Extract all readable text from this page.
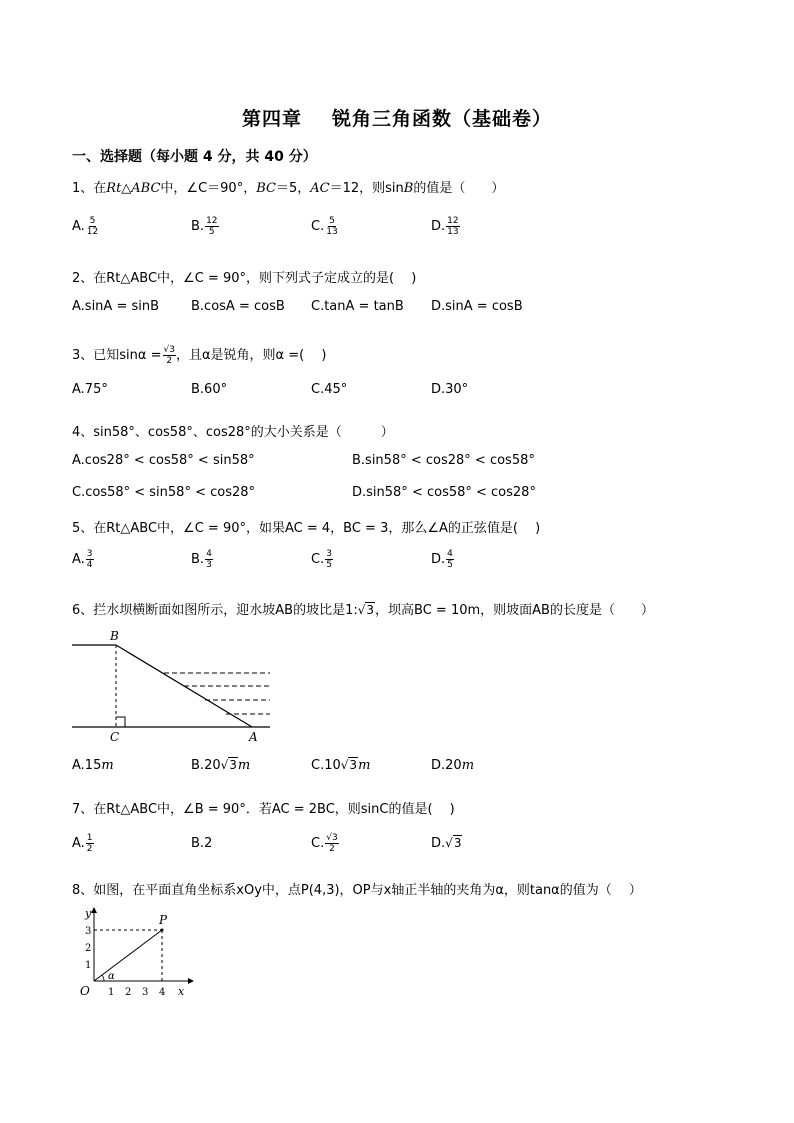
第四章 锐角三角函数（基础卷）
一、选择题（每小题 4 分，共 40 分）
1、在Rt△ABC中，∠C＝90°，BC＝5，AC＝12，则sinB的值是（　　）
A. $\frac{5}{12}$	B. $\frac{12}{5}$	C. $\frac{5}{13}$	D. $\frac{12}{13}$
2、在Rt△ABC中，∠C = 90°，则下列式子定成立的是(　 )
A.sinA = sinB B.cosA = cosB C.tanA = tanB D.sinA = cosB
3、已知$\sin\alpha = \frac{√3}{2}$ ，且α是锐角，则α =(　 )
A.75°	B.60°	C.45°	D.30°
4、sin58°、cos58°、cos28°的大小关系是（　　　）
A.cos28° < cos58° < sin58°	B.sin58° < cos28° < cos58°
C.cos58° < sin58° < cos28°	D.sin58° < cos58° < cos28°
5、在Rt△ABC中，∠C = 90°，如果AC = 4，BC = 3，那么∠A的正弦值是(　 )
A. $\frac{3}{4}$	B. $\frac{4}{3}$	C. $\frac{3}{5}$	D. $\frac{4}{5}$
6、拦水坝横断面如图所示，迎水坡AB的坡比是1:√3，坝高BC = 10m，则坡面AB的长度是（　　）
B
C	A
A.15m	B.20√3m	C.10√3m	D.20m
7、在Rt△ABC中，∠B = 90°．若AC = 2BC，则sinC的值是(　 )
A. $\frac{1}{2}$	B.2	C. $\frac{√3}{2}$	D.√3
8、如图，在平面直角坐标系xOy中，点P(4,3)，OP与x轴正半轴的夹角为α，则tanα的值为（　 ）
y
x
O
P
α
1 2 3 4
1
2
3
